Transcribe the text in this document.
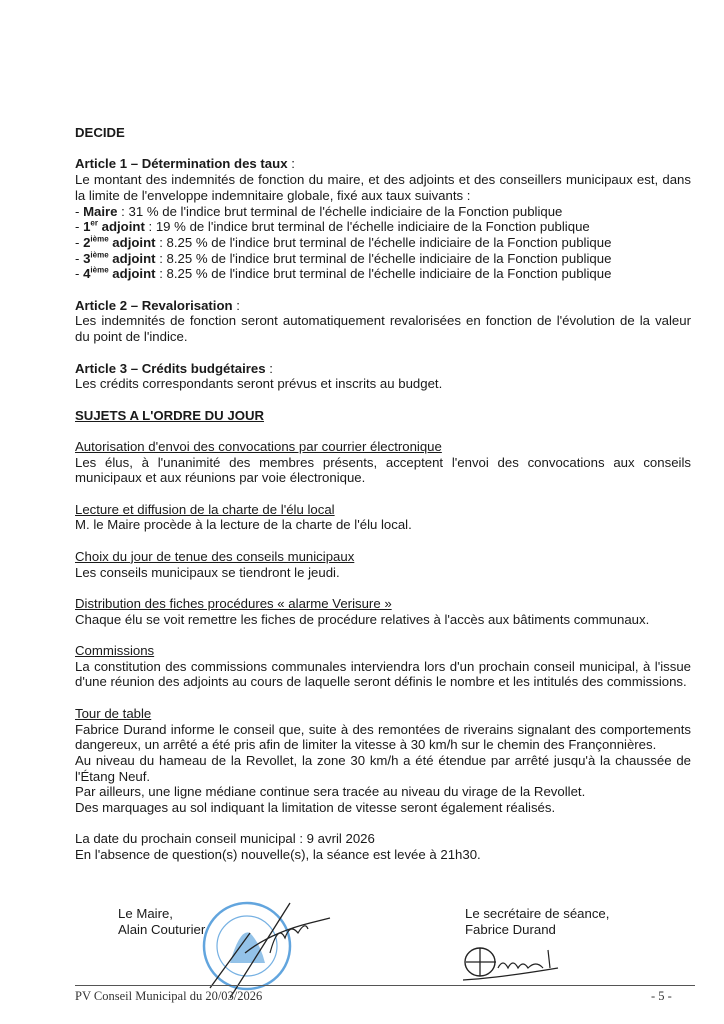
DECIDE
Article 1 – Détermination des taux :
Le montant des indemnités de fonction du maire, et des adjoints et des conseillers municipaux est, dans la limite de l'enveloppe indemnitaire globale, fixé aux taux suivants :
- Maire : 31 % de l'indice brut terminal de l'échelle indiciaire de la Fonction publique
- 1er adjoint : 19 % de l'indice brut terminal de l'échelle indiciaire de la Fonction publique
- 2ième adjoint : 8.25 % de l'indice brut terminal de l'échelle indiciaire de la Fonction publique
- 3ième adjoint : 8.25 % de l'indice brut terminal de l'échelle indiciaire de la Fonction publique
- 4ième adjoint : 8.25 % de l'indice brut terminal de l'échelle indiciaire de la Fonction publique
Article 2 – Revalorisation :
Les indemnités de fonction seront automatiquement revalorisées en fonction de l'évolution de la valeur du point de l'indice.
Article 3 – Crédits budgétaires :
Les crédits correspondants seront prévus et inscrits au budget.
SUJETS A L'ORDRE DU JOUR
Autorisation d'envoi des convocations par courrier électronique
Les élus, à l'unanimité des membres présents, acceptent l'envoi des convocations aux conseils municipaux et aux réunions par voie électronique.
Lecture et diffusion de la charte de l'élu local
M. le Maire procède à la lecture de la charte de l'élu local.
Choix du jour de tenue des conseils municipaux
Les conseils municipaux se tiendront le jeudi.
Distribution des fiches procédures « alarme Verisure »
Chaque élu se voit remettre les fiches de procédure relatives à l'accès aux bâtiments communaux.
Commissions
La constitution des commissions communales interviendra lors d'un prochain conseil municipal, à l'issue d'une réunion des adjoints au cours de laquelle seront définis le nombre et les intitulés des commissions.
Tour de table
Fabrice Durand informe le conseil que, suite à des remontées de riverains signalant des comportements dangereux, un arrêté a été pris afin de limiter la vitesse à 30 km/h sur le chemin des Françonnières.
Au niveau du hameau de la Revollet, la zone 30 km/h a été étendue par arrêté jusqu'à la chaussée de l'Étang Neuf.
Par ailleurs, une ligne médiane continue sera tracée au niveau du virage de la Revollet.
Des marquages au sol indiquant la limitation de vitesse seront également réalisés.
La date du prochain conseil municipal : 9 avril 2026
En l'absence de question(s) nouvelle(s), la séance est levée à 21h30.
Le Maire,
Alain Couturier
Le secrétaire de séance,
Fabrice Durand
PV Conseil Municipal du 20/03/2026	- 5 -
